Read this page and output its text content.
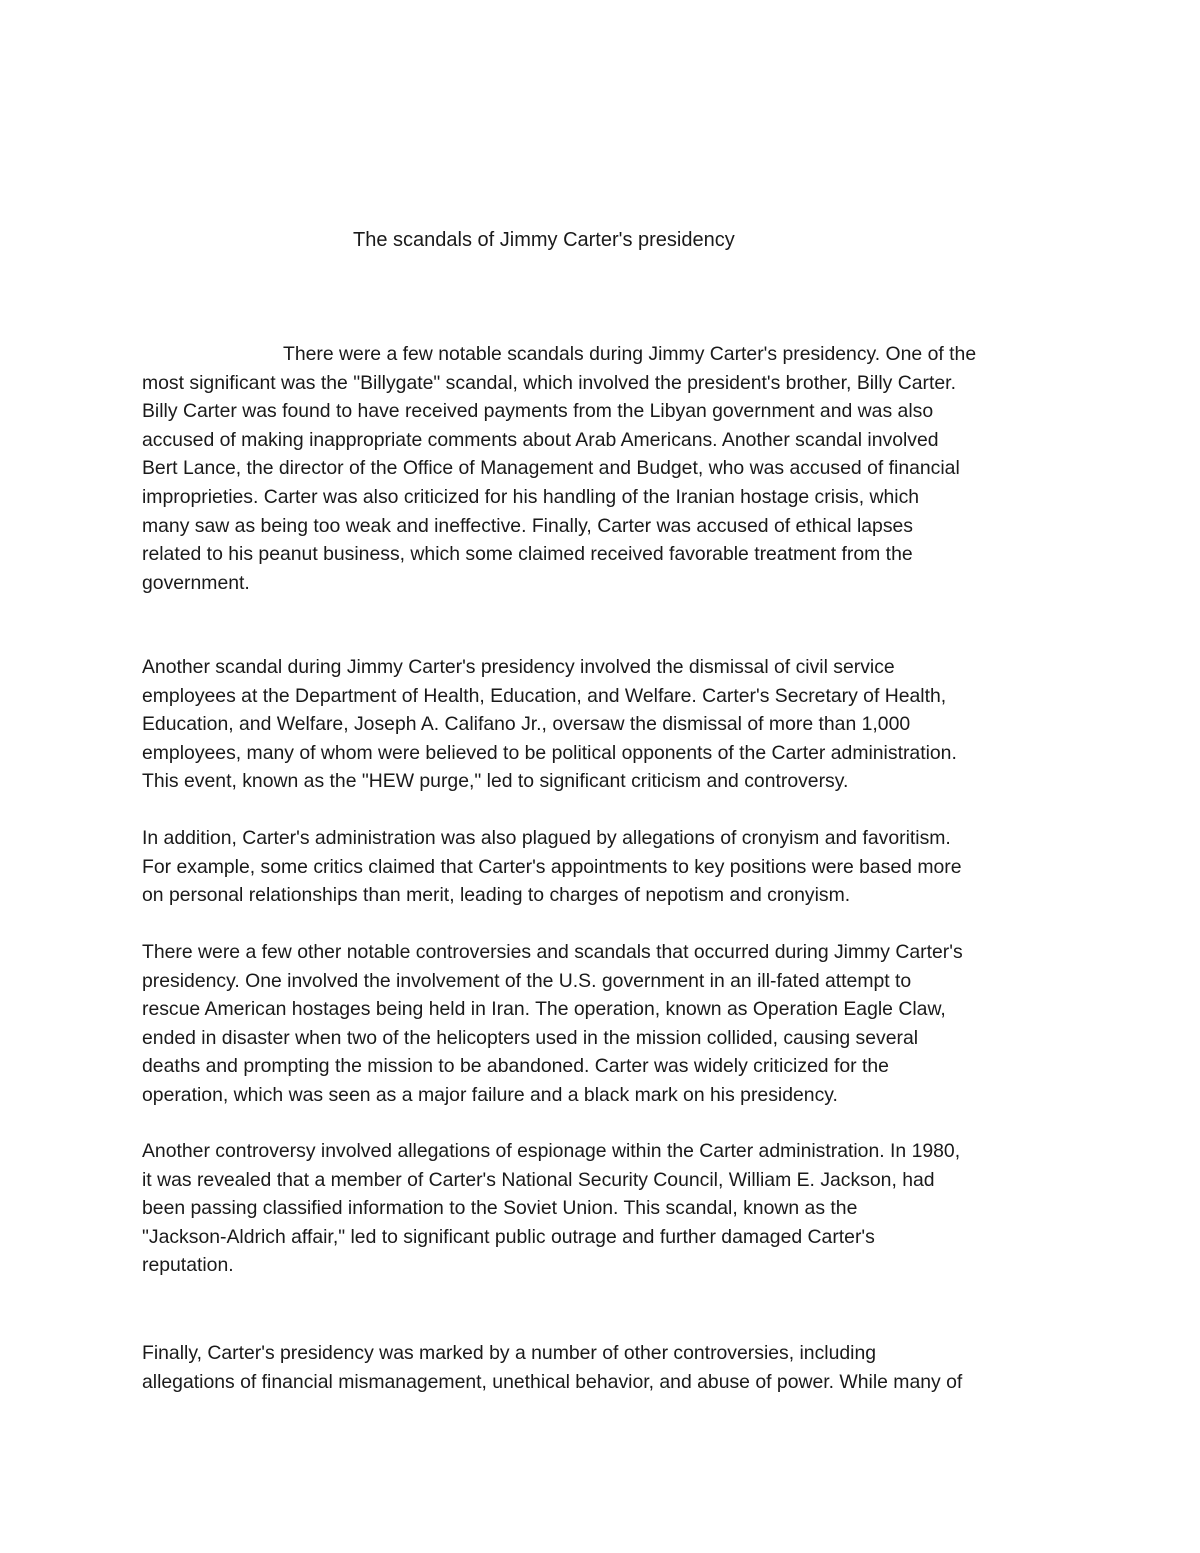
The scandals of Jimmy Carter's presidency
There were a few notable scandals during Jimmy Carter's presidency. One of the
most significant was the "Billygate" scandal, which involved the president's brother, Billy Carter.
Billy Carter was found to have received payments from the Libyan government and was also
accused of making inappropriate comments about Arab Americans. Another scandal involved
Bert Lance, the director of the Office of Management and Budget, who was accused of financial
improprieties. Carter was also criticized for his handling of the Iranian hostage crisis, which
many saw as being too weak and ineffective. Finally, Carter was accused of ethical lapses
related to his peanut business, which some claimed received favorable treatment from the
government.
Another scandal during Jimmy Carter's presidency involved the dismissal of civil service
employees at the Department of Health, Education, and Welfare. Carter's Secretary of Health,
Education, and Welfare, Joseph A. Califano Jr., oversaw the dismissal of more than 1,000
employees, many of whom were believed to be political opponents of the Carter administration.
This event, known as the "HEW purge," led to significant criticism and controversy.
In addition, Carter's administration was also plagued by allegations of cronyism and favoritism.
For example, some critics claimed that Carter's appointments to key positions were based more
on personal relationships than merit, leading to charges of nepotism and cronyism.
There were a few other notable controversies and scandals that occurred during Jimmy Carter's
presidency. One involved the involvement of the U.S. government in an ill-fated attempt to
rescue American hostages being held in Iran. The operation, known as Operation Eagle Claw,
ended in disaster when two of the helicopters used in the mission collided, causing several
deaths and prompting the mission to be abandoned. Carter was widely criticized for the
operation, which was seen as a major failure and a black mark on his presidency.
Another controversy involved allegations of espionage within the Carter administration. In 1980,
it was revealed that a member of Carter's National Security Council, William E. Jackson, had
been passing classified information to the Soviet Union. This scandal, known as the
"Jackson-Aldrich affair," led to significant public outrage and further damaged Carter's
reputation.
Finally, Carter's presidency was marked by a number of other controversies, including
allegations of financial mismanagement, unethical behavior, and abuse of power. While many of
